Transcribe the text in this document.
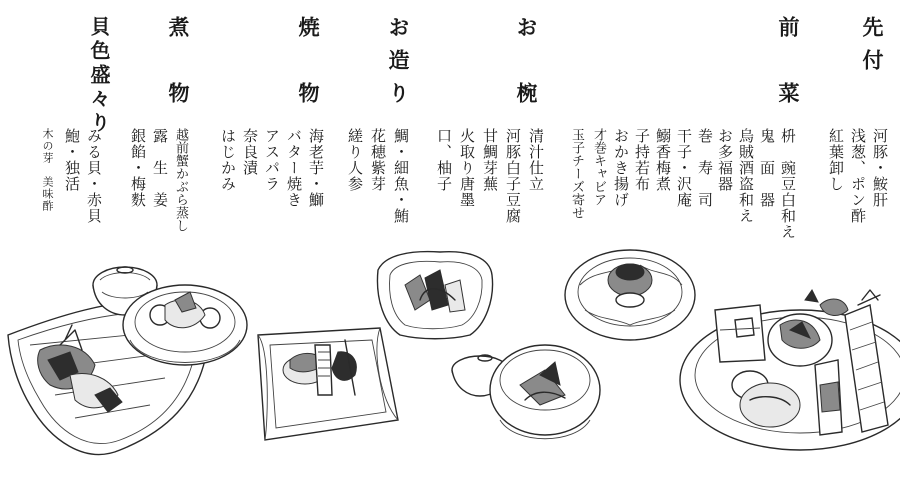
先付
河豚・鮟肝
浅葱、ポン酢
紅葉卸し
前　菜
枡　豌豆白和え
鬼　面　器
烏賊酒盗和え
お多福器
巻　寿　司
干子・沢庵
鰯香梅煮
子持若布
おかき揚げ
才巻キャビア
玉子チーズ寄せ
お　椀
清汁仕立
河豚白子豆腐
甘鯛芽蕪
火取り唐墨
口、柚子
お造り
鯛・細魚・鮪
花穂紫芽
縒り人参
焼　物
海老芋・鰤
バター焼き
アスパラ
奈良漬
はじかみ
煮　物
越前蟹かぶら蒸し
露　生　姜
銀餡・梅麩
貝色盛々り
みる貝・赤貝
鮑・独活
木の芽　美味酢
